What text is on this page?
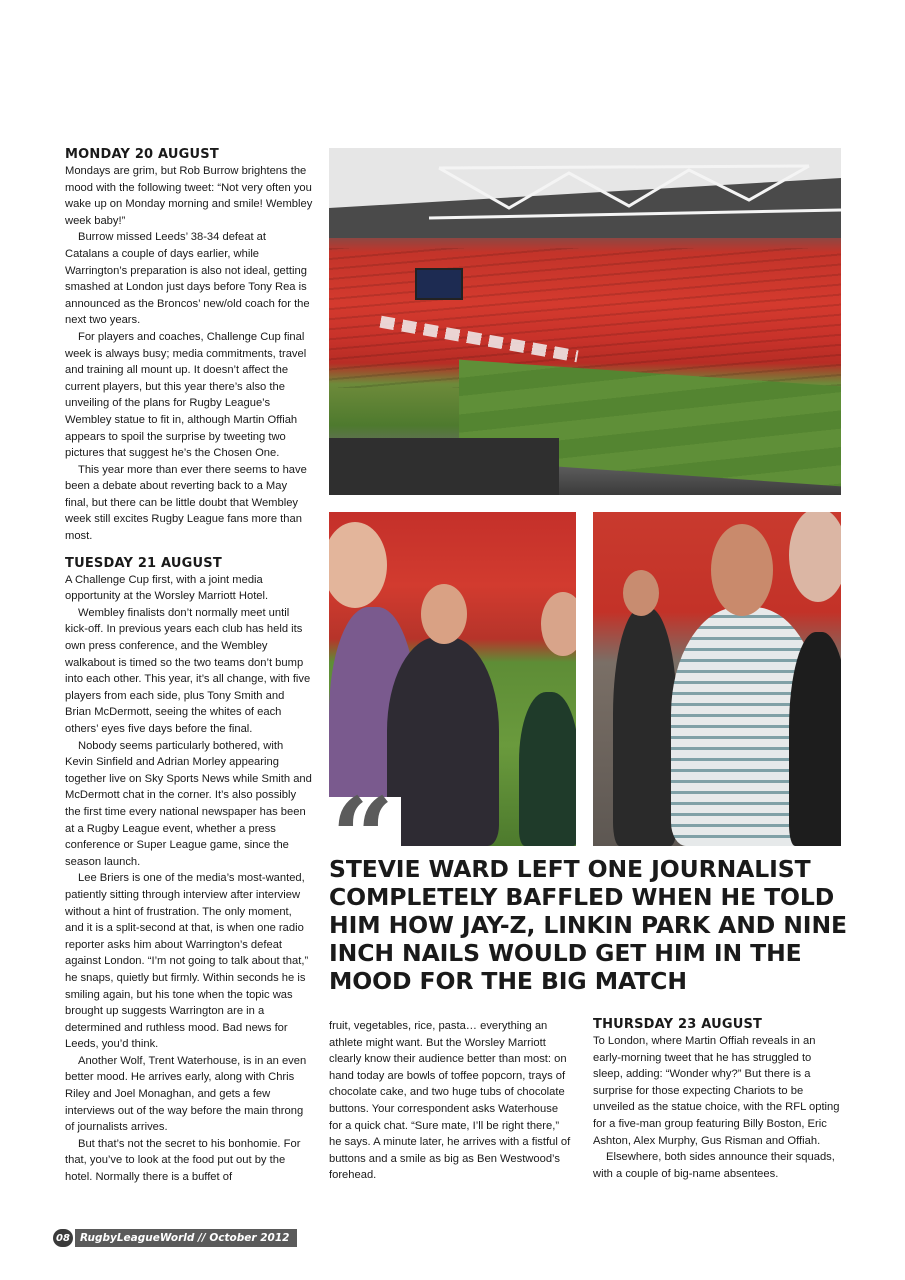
MONDAY 20 AUGUST

Mondays are grim, but Rob Burrow brightens the mood with the following tweet: “Not very often you wake up on Monday morning and smile! Wembley week baby!”

Burrow missed Leeds’ 38-34 defeat at Catalans a couple of days earlier, while Warrington’s preparation is also not ideal, getting smashed at London just days before Tony Rea is announced as the Broncos’ new/old coach for the next two years.

For players and coaches, Challenge Cup final week is always busy; media commitments, travel and training all mount up. It doesn’t affect the current players, but this year there’s also the unveiling of the plans for Rugby League’s Wembley statue to fit in, although Martin Offiah appears to spoil the surprise by tweeting two pictures that suggest he’s the Chosen One.

This year more than ever there seems to have been a debate about reverting back to a May final, but there can be little doubt that Wembley week still excites Rugby League fans more than most.

TUESDAY 21 AUGUST

A Challenge Cup first, with a joint media opportunity at the Worsley Marriott Hotel.

Wembley finalists don’t normally meet until kick-off. In previous years each club has held its own press conference, and the Wembley walkabout is timed so the two teams don’t bump into each other. This year, it’s all change, with five players from each side, plus Tony Smith and Brian McDermott, seeing the whites of each others’ eyes five days before the final.

Nobody seems particularly bothered, with Kevin Sinfield and Adrian Morley appearing together live on Sky Sports News while Smith and McDermott chat in the corner. It’s also possibly the first time every national newspaper has been at a Rugby League event, whether a press conference or Super League game, since the season launch.

Lee Briers is one of the media’s most-wanted, patiently sitting through interview after interview without a hint of frustration. The only moment, and it is a split-second at that, is when one radio reporter asks him about Warrington’s defeat against London. “I’m not going to talk about that,” he snaps, quietly but firmly. Within seconds he is smiling again, but his tone when the topic was brought up suggests Warrington are in a determined and ruthless mood. Bad news for Leeds, you’d think.

Another Wolf, Trent Waterhouse, is in an even better mood. He arrives early, along with Chris Riley and Joel Monaghan, and gets a few interviews out of the way before the main throng of journalists arrives.

But that’s not the secret to his bonhomie. For that, you’ve to look at the food put out by the hotel. Normally there is a buffet of

“

STEVIE WARD LEFT ONE JOURNALIST COMPLETELY BAFFLED WHEN HE TOLD HIM HOW JAY-Z, LINKIN PARK AND NINE INCH NAILS WOULD GET HIM IN THE MOOD FOR THE BIG MATCH

fruit, vegetables, rice, pasta… everything an athlete might want. But the Worsley Marriott clearly know their audience better than most: on hand today are bowls of toffee popcorn, trays of chocolate cake, and two huge tubs of chocolate buttons. Your correspondent asks Waterhouse for a quick chat. “Sure mate, I’ll be right there,” he says. A minute later, he arrives with a fistful of buttons and a smile as big as Ben Westwood’s forehead.

THURSDAY 23 AUGUST

To London, where Martin Offiah reveals in an early-morning tweet that he has struggled to sleep, adding: “Wonder why?” But there is a surprise for those expecting Chariots to be unveiled as the statue choice, with the RFL opting for a five-man group featuring Billy Boston, Eric Ashton, Alex Murphy, Gus Risman and Offiah.

Elsewhere, both sides announce their squads, with a couple of big-name absentees.

08 RugbyLeagueWorld // October 2012
